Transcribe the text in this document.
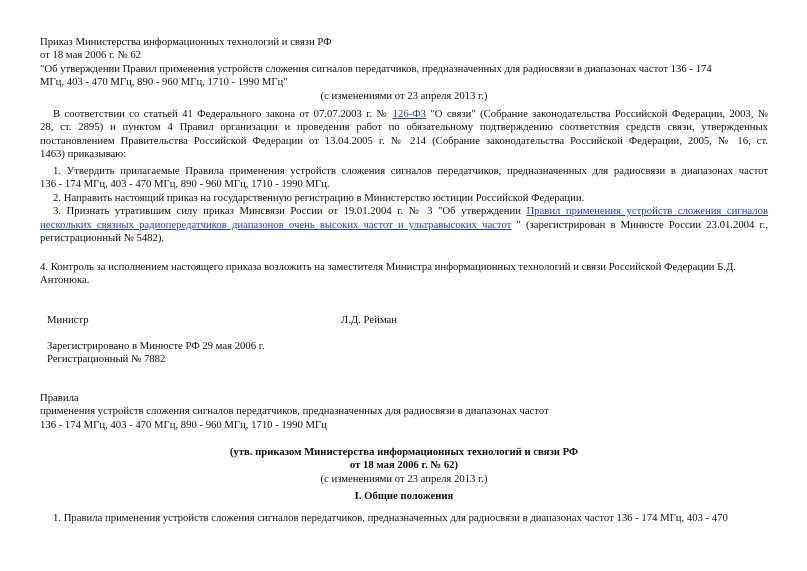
Приказ Министерства информационных технологий и связи РФ
от 18 мая 2006 г. № 62
"Об утверждении Правил применения устройств сложения сигналов передатчиков, предназначенных для радиосвязи в диапазонах частот 136 - 174
МГц, 403 - 470 МГц, 890 - 960 МГц, 1710 - 1990 МГц"
(с изменениями от 23 апреля 2013 г.)
В соответствии со статьей 41 Федерального закона от 07.07.2003 г. № 126-ФЗ "О связи" (Собрание законодательства Российской Федерации, 2003, №
28, ст. 2895) и пунктом 4 Правил организации и проведения работ по обязательному подтверждению соответствия средств связи, утвержденных
постановлением Правительства Российской Федерации от 13.04.2005 г. № 214 (Собрание законодательства Российской Федерации, 2005, № 16, ст.
1463) приказываю:
1. Утвердить прилагаемые Правила применения устройств сложения сигналов передатчиков, предназначенных для радиосвязи в диапазонах частот
136 - 174 МГц, 403 - 470 МГц, 890 - 960 МГц, 1710 - 1990 МГц.
2. Направить настоящий приказ на государственную регистрацию в Министерство юстиции Российской Федерации.
3. Признать утратившим силу приказ Минсвязи России от 19.01.2004 г. № 3 "Об утверждении Правил применения устройств сложения сигналов
нескольких связных радиопередатчиков диапазонов очень высоких частот и ультравысоких частот " (зарегистрирован в Минюсте России 23.01.2004 г.,
регистрационный № 5482).
4. Контроль за исполнением настоящего приказа возложить на заместителя Министра информационных технологий и связи Российской Федерации Б.Д.
Антонюка.
Министр	Л.Д. Рейман
Зарегистрировано в Минюсте РФ 29 мая 2006 г.
Регистрационный № 7882
Правила
применения устройств сложения сигналов передатчиков, предназначенных для радиосвязи в диапазонах частот
136 - 174 МГц, 403 - 470 МГц, 890 - 960 МГц, 1710 - 1990 МГц
(утв. приказом Министерства информационных технологий и связи РФ
от 18 мая 2006 г. № 62)
(с изменениями от 23 апреля 2013 г.)
I. Общие положения
1. Правила применения устройств сложения сигналов передатчиков, предназначенных для радиосвязи в диапазонах частот 136 - 174 МГц, 403 - 470
